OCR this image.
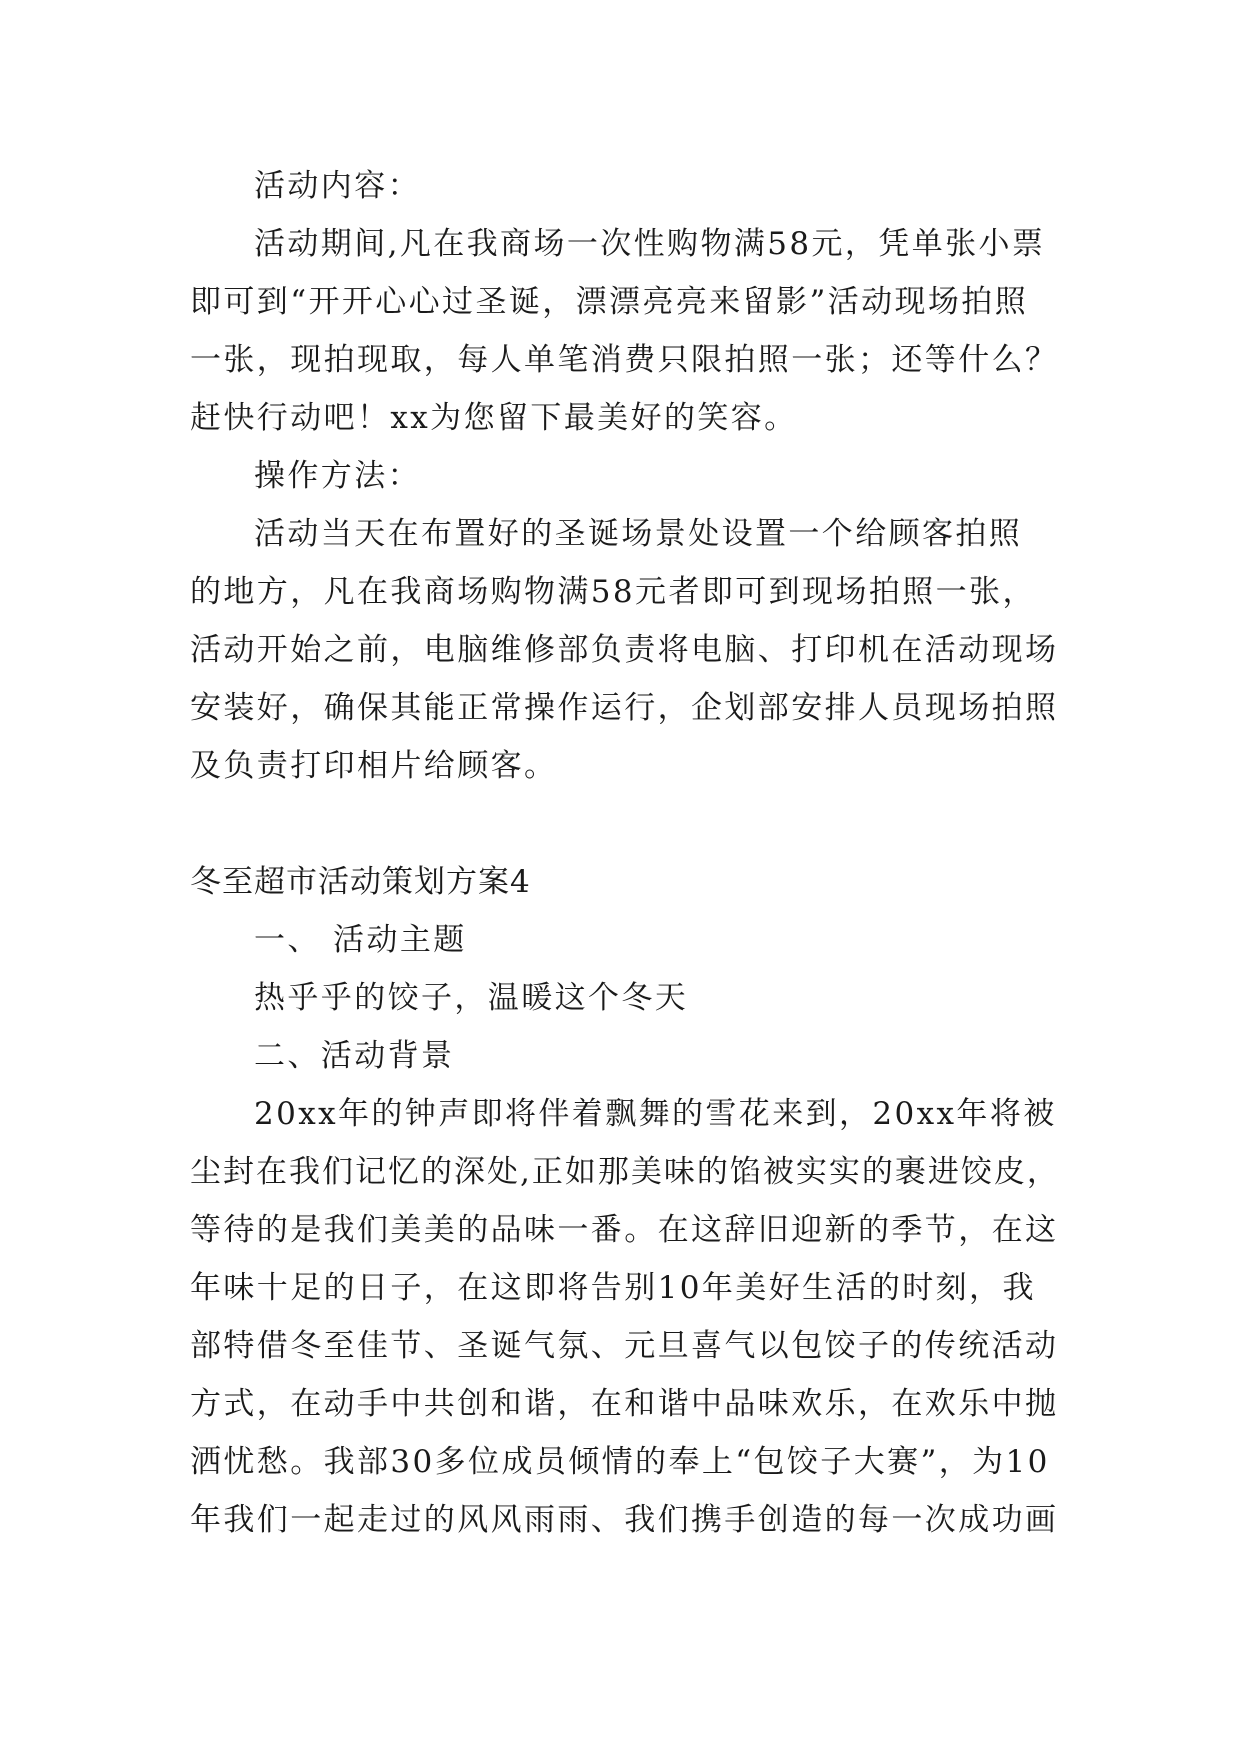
活动内容：
活动期间,凡在我商场一次性购物满58元，凭单张小票
即可到“开开心心过圣诞，漂漂亮亮来留影”活动现场拍照
一张，现拍现取，每人单笔消费只限拍照一张；还等什么？
赶快行动吧！xx为您留下最美好的笑容。
操作方法：
活动当天在布置好的圣诞场景处设置一个给顾客拍照
的地方，凡在我商场购物满58元者即可到现场拍照一张，
活动开始之前，电脑维修部负责将电脑、打印机在活动现场
安装好，确保其能正常操作运行，企划部安排人员现场拍照
及负责打印相片给顾客。
冬至超市活动策划方案4
一、 活动主题
热乎乎的饺子，温暖这个冬天
二、活动背景
20xx年的钟声即将伴着飘舞的雪花来到，20xx年将被
尘封在我们记忆的深处,正如那美味的馅被实实的裹进饺皮，
等待的是我们美美的品味一番。在这辞旧迎新的季节，在这
年味十足的日子，在这即将告别10年美好生活的时刻，我
部特借冬至佳节、圣诞气氛、元旦喜气以包饺子的传统活动
方式，在动手中共创和谐，在和谐中品味欢乐，在欢乐中抛
洒忧愁。我部30多位成员倾情的奉上“包饺子大赛”，为10
年我们一起走过的风风雨雨、我们携手创造的每一次成功画
